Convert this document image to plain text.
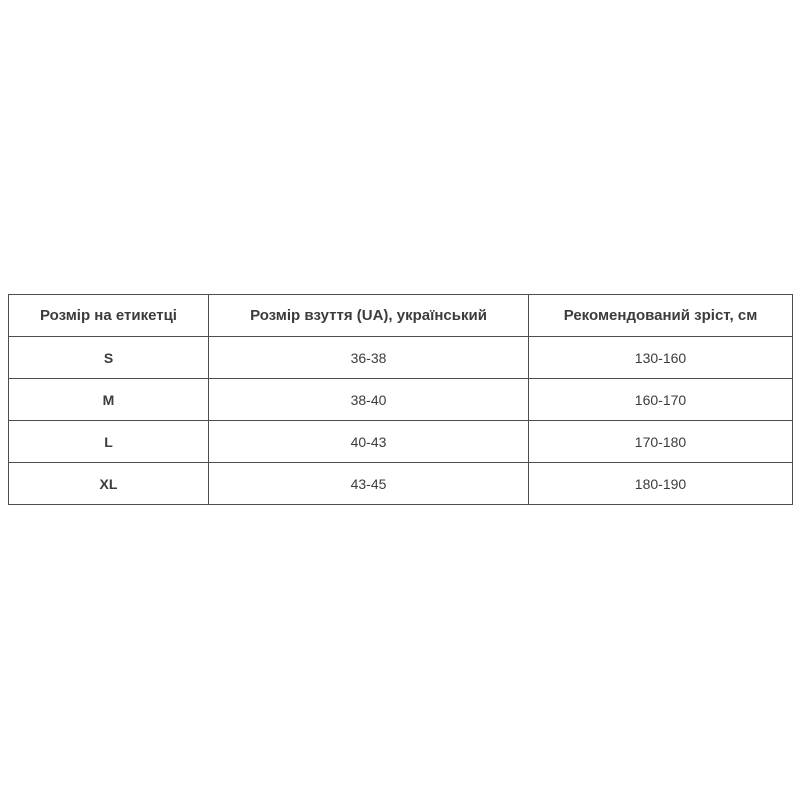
Розмір на етикетці	Розмір взуття (UA), український	Рекомендований зріст, см
S	36-38	130-160
M	38-40	160-170
L	40-43	170-180
XL	43-45	180-190
